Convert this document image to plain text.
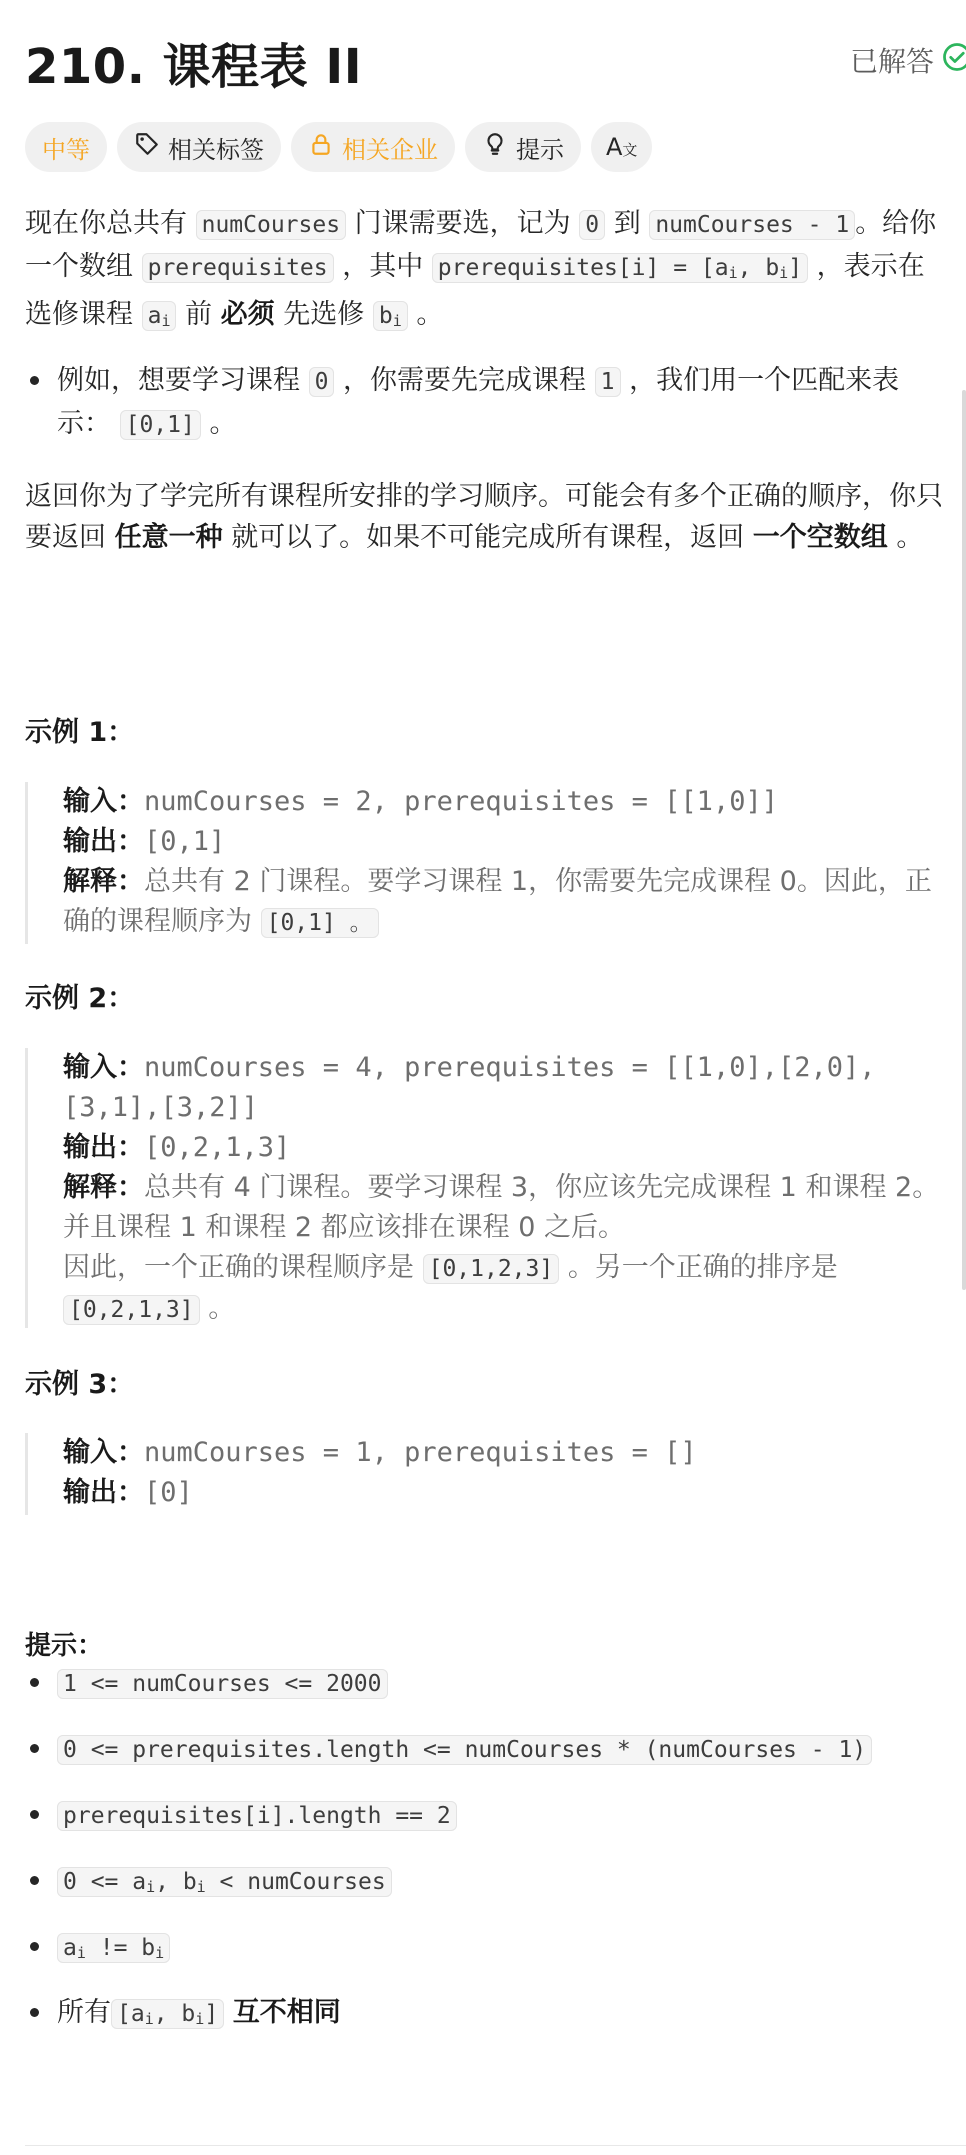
210. 课程表 II	已解答
中等	相关标签	相关企业	提示 A文
现在你总共有 numCourses 门课需要选，记为 0 到 numCourses - 1 。给你一个数组 prerequisites ，其中 prerequisites[i] = [$a_i$, $b_i$] ，表示在选修课程 $a_i$ 前 必须 先选修 $b_i$ 。
例如，想要学习课程 0 ，你需要先完成课程 1 ，我们用一个匹配来表示： [0,1] 。
返回你为了学完所有课程所安排的学习顺序。可能会有多个正确的顺序，你只要返回 任意一种 就可以了。如果不可能完成所有课程，返回 一个空数组 。
示例 1：
输入：numCourses = 2, prerequisites = [[1,0]]
输出：[0,1]
解释：总共有 2 门课程。要学习课程 1，你需要先完成课程 0。因此，正确的课程顺序为 [0,1] 。
示例 2：
输入：numCourses = 4, prerequisites = [[1,0],[2,0],[3,1],[3,2]]
输出：[0,2,1,3]
解释：总共有 4 门课程。要学习课程 3，你应该先完成课程 1 和课程 2。并且课程 1 和课程 2 都应该排在课程 0 之后。
因此，一个正确的课程顺序是 [0,1,2,3] 。另一个正确的排序是 [0,2,1,3] 。
示例 3：
输入：numCourses = 1, prerequisites = []
输出：[0]
提示：
1 <= numCourses <= 2000
0 <= prerequisites.length <= numCourses * (numCourses - 1)
prerequisites[i].length == 2
$0 <= a_i$, $b_i$ < numCourses
$a_i$ != $b_i$
所有 [$a_i$, $b_i$] 互不相同
